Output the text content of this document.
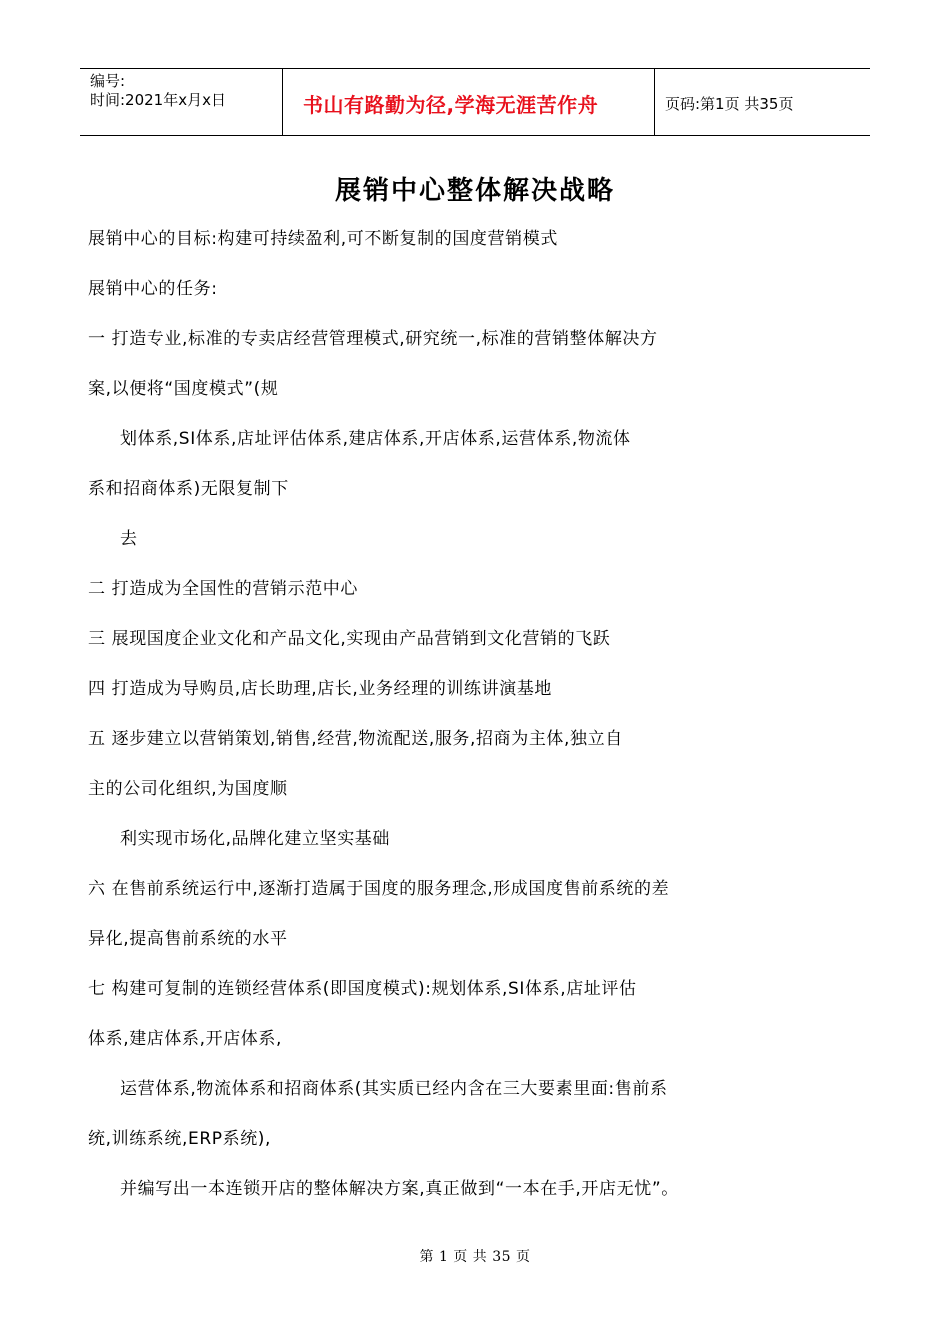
编号:
时间:2021年x月x日	书山有路勤为径,学海无涯苦作舟	页码:第1页 共35页
展销中心整体解决战略
展销中心的目标:构建可持续盈利,可不断复制的国度营销模式
展销中心的任务:
一 打造专业,标准的专卖店经营管理模式,研究统一,标准的营销整体解决方
案,以便将“国度模式”(规
划体系,SI体系,店址评估体系,建店体系,开店体系,运营体系,物流体
系和招商体系)无限复制下
去
二 打造成为全国性的营销示范中心
三 展现国度企业文化和产品文化,实现由产品营销到文化营销的飞跃
四 打造成为导购员,店长助理,店长,业务经理的训练讲演基地
五 逐步建立以营销策划,销售,经营,物流配送,服务,招商为主体,独立自
主的公司化组织,为国度顺
利实现市场化,品牌化建立坚实基础
六 在售前系统运行中,逐渐打造属于国度的服务理念,形成国度售前系统的差
异化,提高售前系统的水平
七 构建可复制的连锁经营体系(即国度模式):规划体系,SI体系,店址评估
体系,建店体系,开店体系,
运营体系,物流体系和招商体系(其实质已经内含在三大要素里面:售前系
统,训练系统,ERP系统),
并编写出一本连锁开店的整体解决方案,真正做到“一本在手,开店无忧”。
第 1 页 共 35 页
